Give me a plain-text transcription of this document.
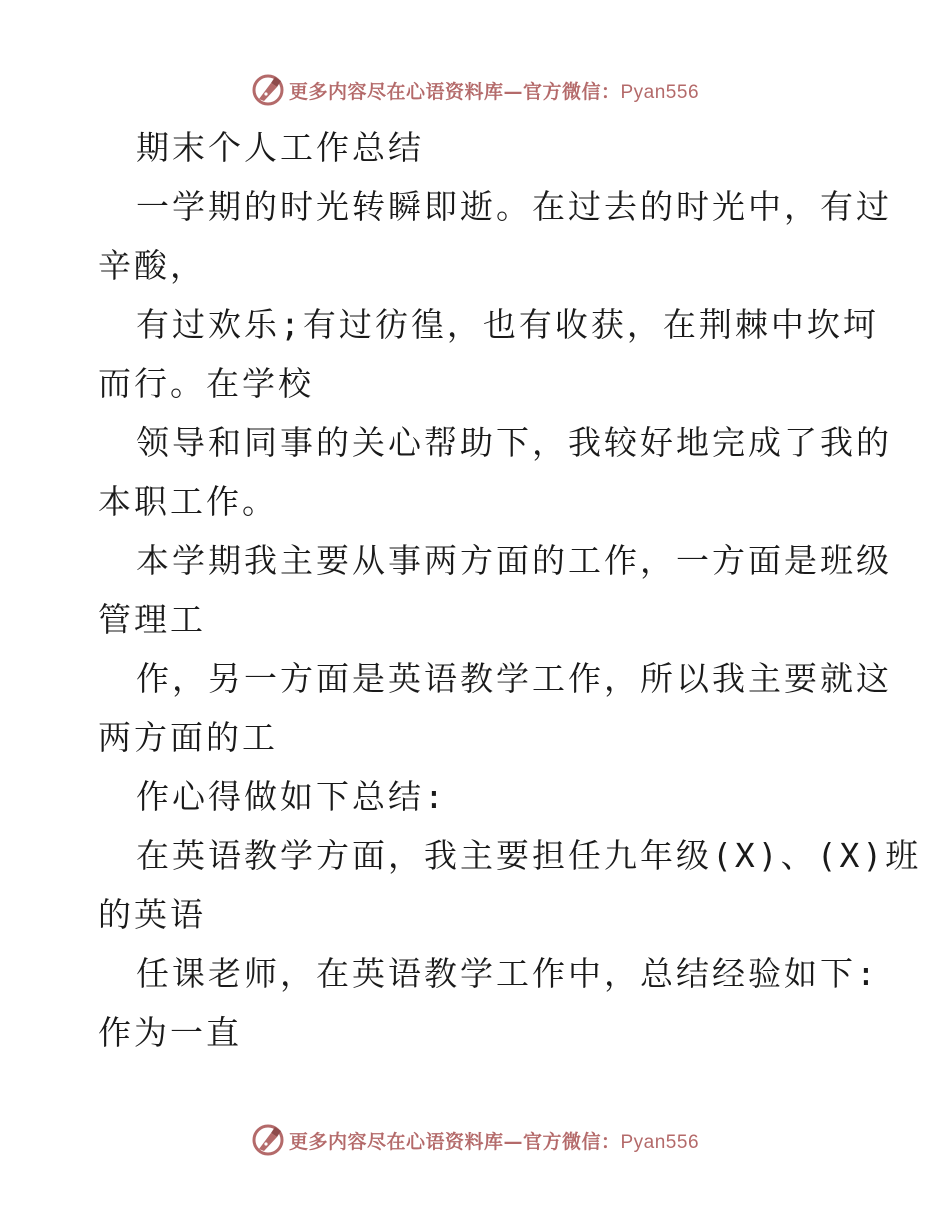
更多内容尽在心语资料库—官方微信：Pyan556
期末个人工作总结
一学期的时光转瞬即逝。在过去的时光中，有过
辛酸，
有过欢乐;有过彷徨，也有收获，在荆棘中坎坷
而行。在学校
领导和同事的关心帮助下，我较好地完成了我的
本职工作。
本学期我主要从事两方面的工作，一方面是班级
管理工
作，另一方面是英语教学工作，所以我主要就这
两方面的工
作心得做如下总结:
在英语教学方面，我主要担任九年级(X)、(X)班
的英语
任课老师，在英语教学工作中，总结经验如下:
作为一直
更多内容尽在心语资料库—官方微信：Pyan556
